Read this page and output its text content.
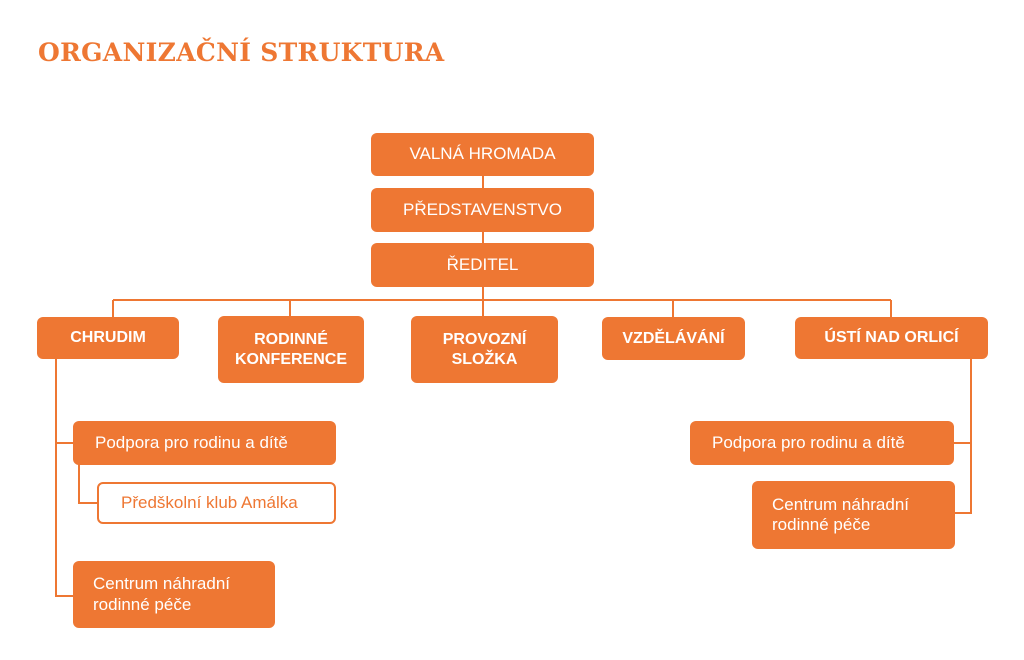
ORGANIZAČNÍ STRUKTURA
VALNÁ HROMADA
PŘEDSTAVENSTVO
ŘEDITEL
CHRUDIM	RODINNÉ
KONFERENCE
PROVOZNÍ
SLOŽKA
VZDĚLÁVÁNÍ	ÚSTÍ NAD ORLICÍ
Podpora pro rodinu a dítě
Předškolní klub Amálka
Centrum náhradní
rodinné péče
Podpora pro rodinu a dítě
Centrum náhradní
rodinné péče
